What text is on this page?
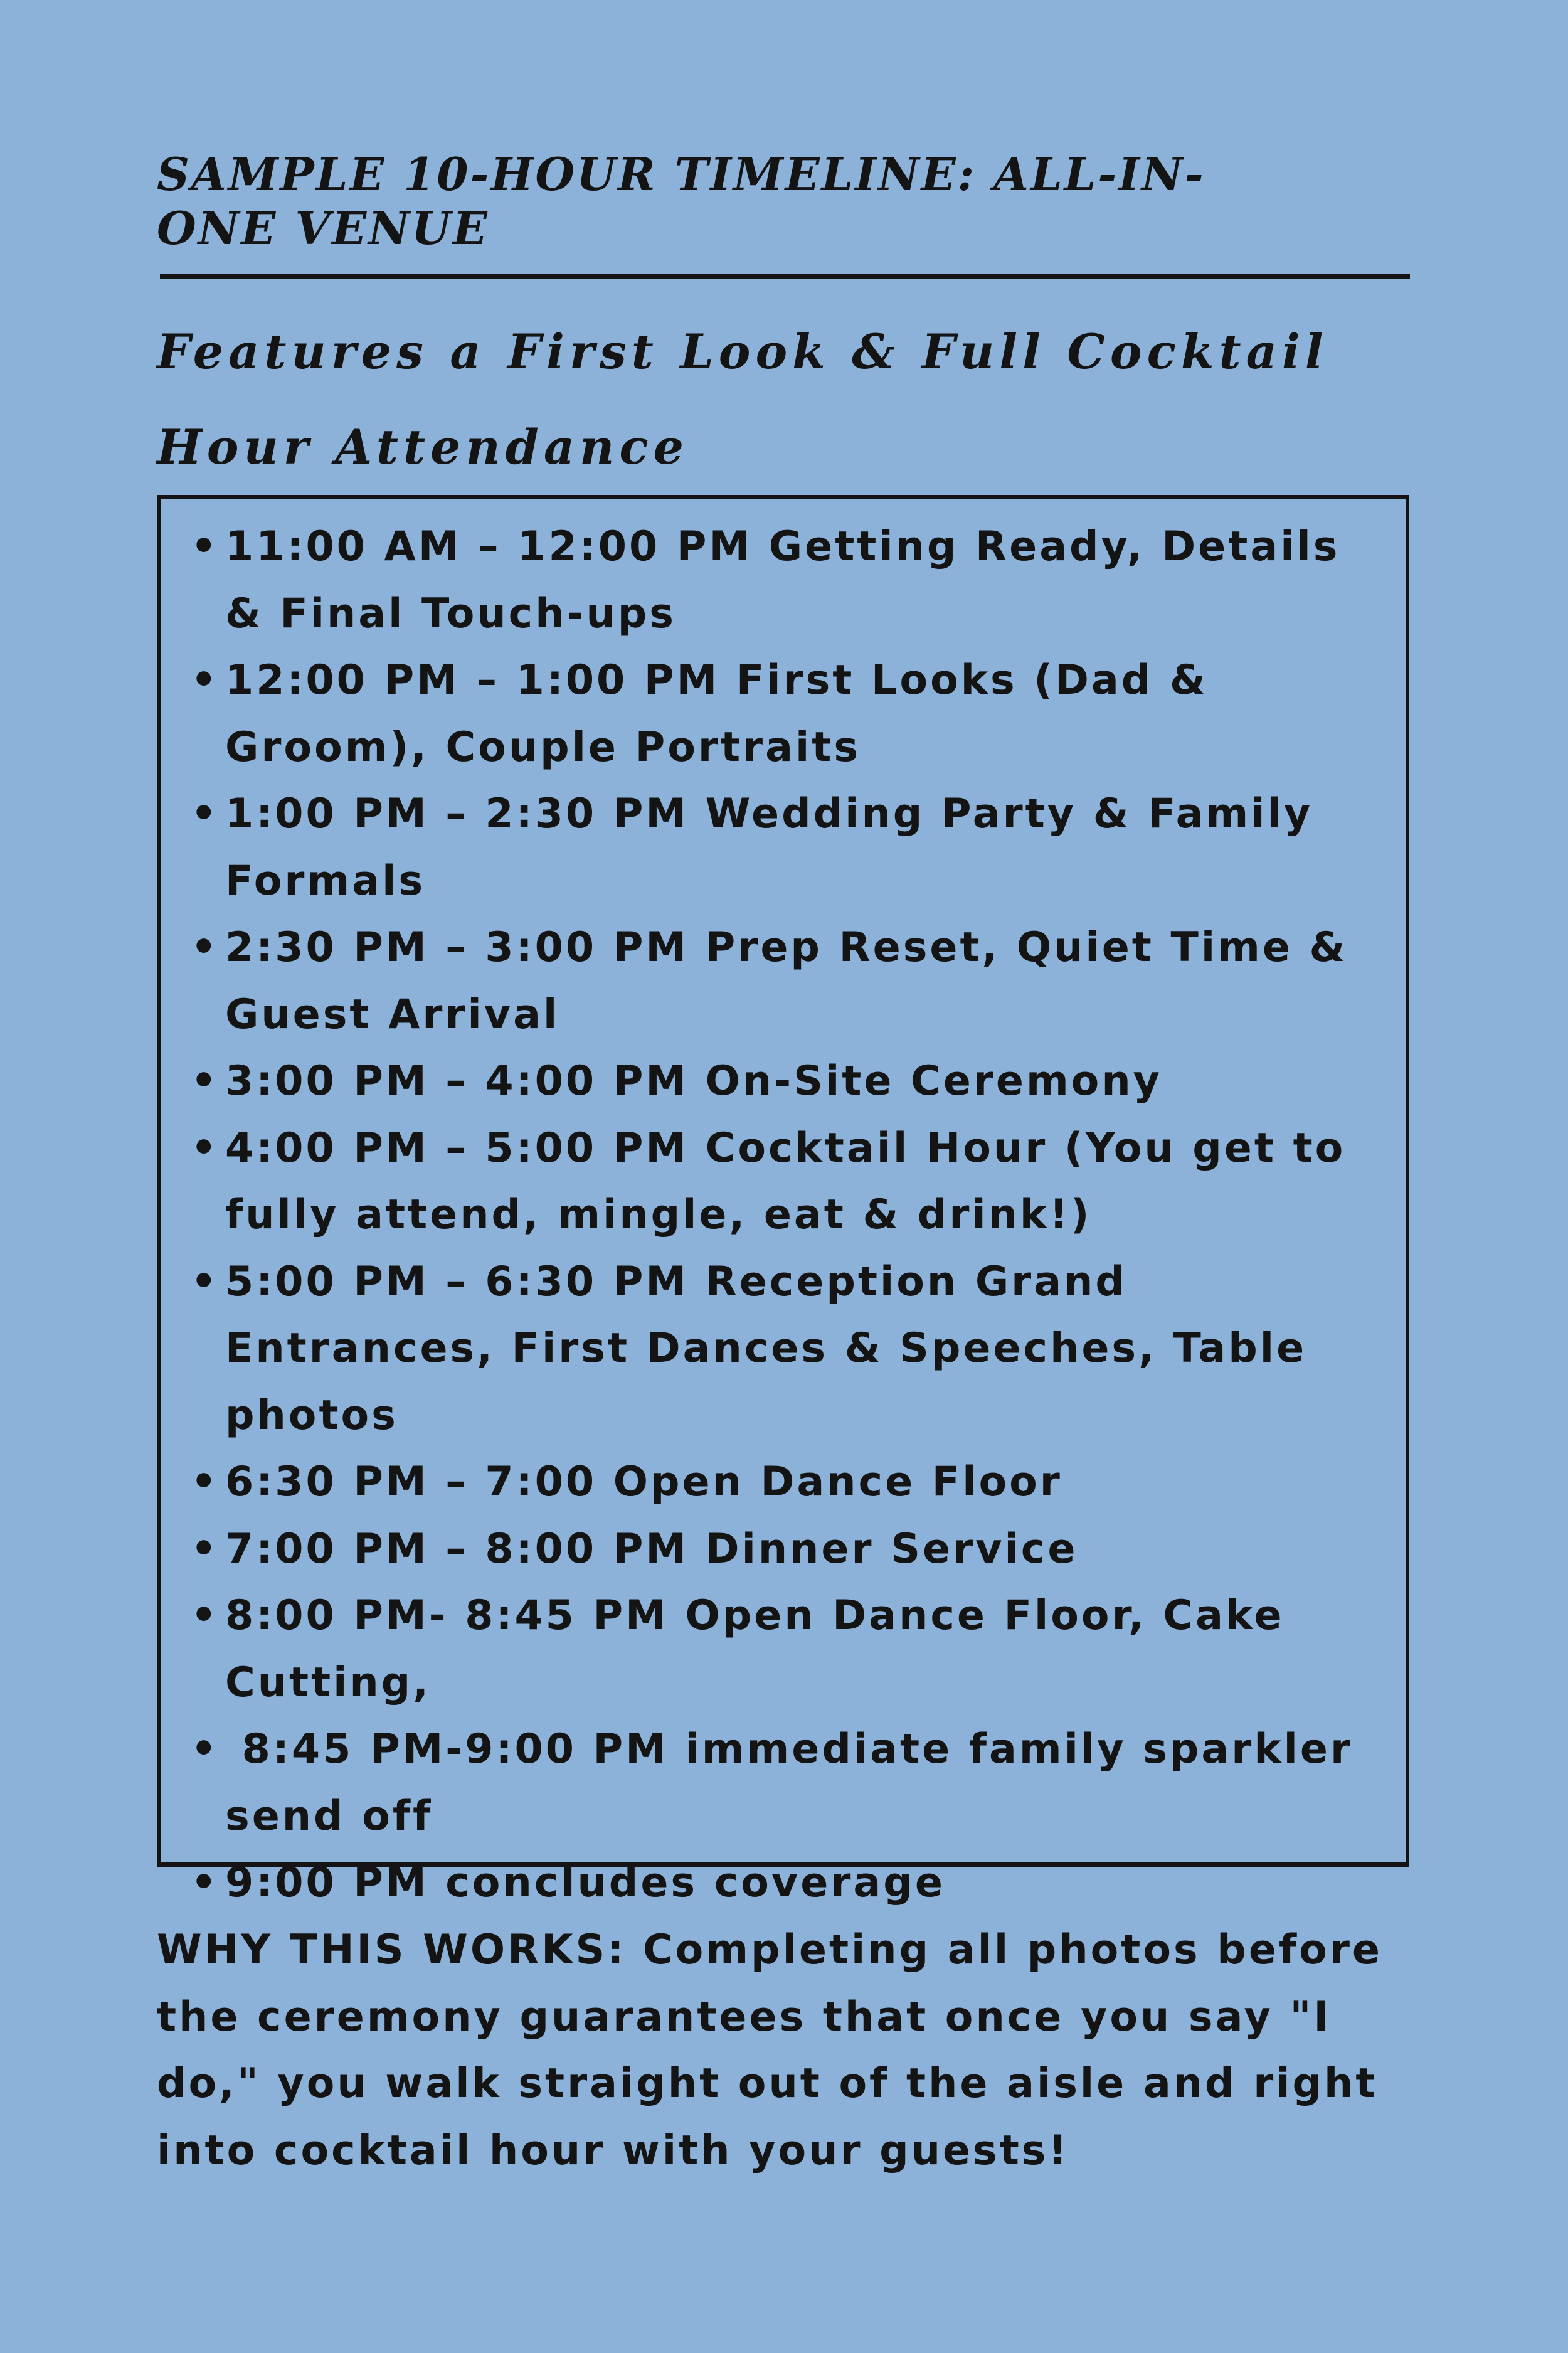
SAMPLE 10-HOUR TIMELINE: ALL-IN-ONE VENUE
Features a First Look & Full Cocktail Hour Attendance
• 11:00 AM – 12:00 PM Getting Ready, Details & Final Touch-ups
• 12:00 PM – 1:00 PM First Looks (Dad & Groom), Couple Portraits
• 1:00 PM – 2:30 PM Wedding Party & Family Formals
• 2:30 PM – 3:00 PM Prep Reset, Quiet Time & Guest Arrival
• 3:00 PM – 4:00 PM On-Site Ceremony
• 4:00 PM – 5:00 PM Cocktail Hour (You get to fully attend, mingle, eat & drink!)
• 5:00 PM – 6:30 PM Reception Grand Entrances, First Dances & Speeches, Table photos
• 6:30 PM – 7:00 Open Dance Floor
• 7:00 PM – 8:00 PM Dinner Service
• 8:00 PM- 8:45 PM Open Dance Floor, Cake Cutting,
• 8:45 PM-9:00 PM immediate family sparkler send off
• 9:00 PM concludes coverage

WHY THIS WORKS: Completing all photos before the ceremony guarantees that once you say "I do," you walk straight out of the aisle and right into cocktail hour with your guests!
